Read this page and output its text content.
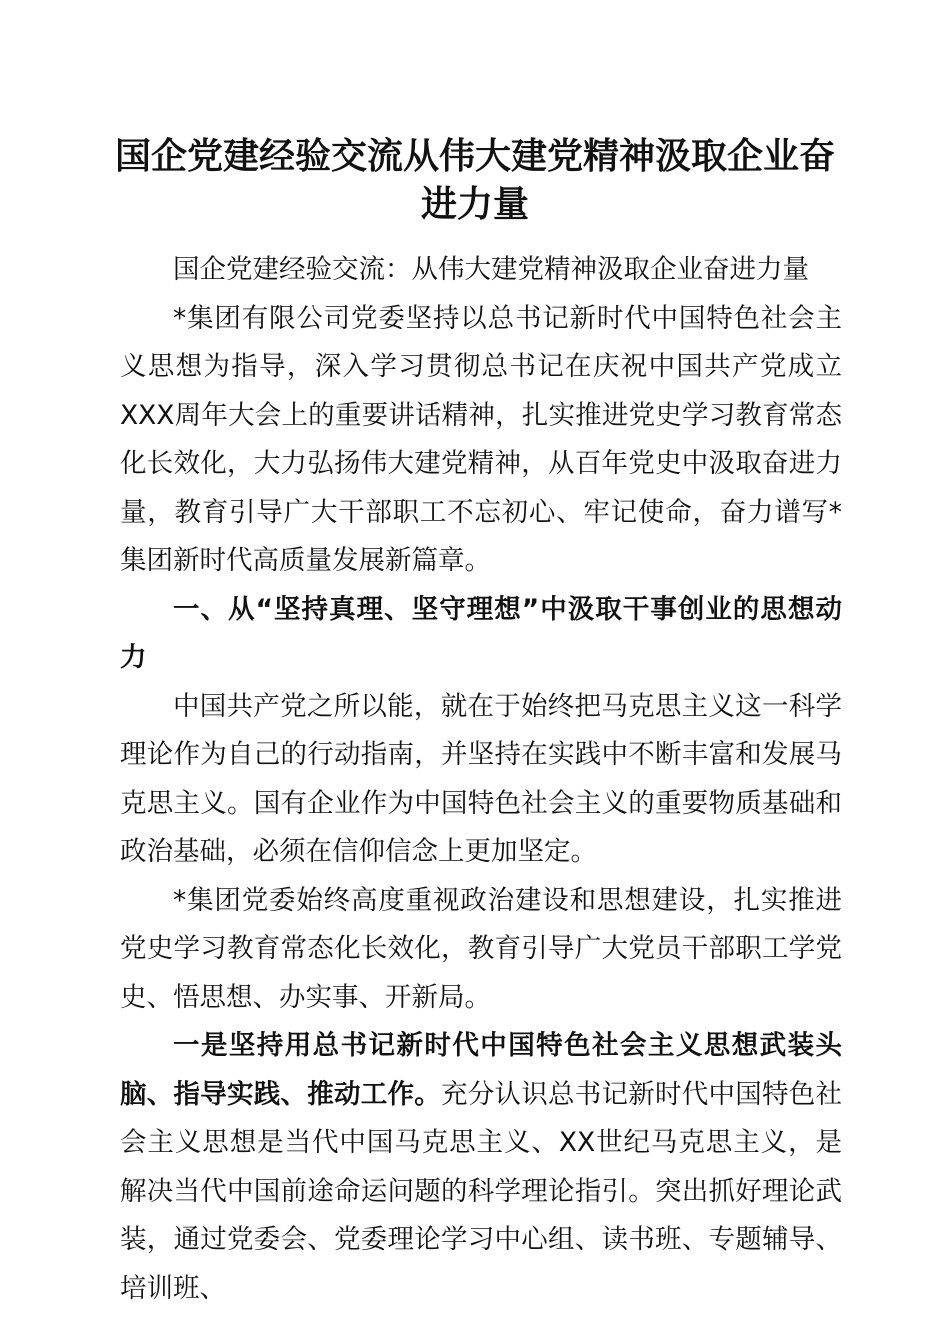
国企党建经验交流从伟大建党精神汲取企业奋进力量

国企党建经验交流：从伟大建党精神汲取企业奋进力量

*集团有限公司党委坚持以总书记新时代中国特色社会主义思想为指导，深入学习贯彻总书记在庆祝中国共产党成立XXX周年大会上的重要讲话精神，扎实推进党史学习教育常态化长效化，大力弘扬伟大建党精神，从百年党史中汲取奋进力量，教育引导广大干部职工不忘初心、牢记使命，奋力谱写*集团新时代高质量发展新篇章。

一、从“坚持真理、坚守理想”中汲取干事创业的思想动力

中国共产党之所以能，就在于始终把马克思主义这一科学理论作为自己的行动指南，并坚持在实践中不断丰富和发展马克思主义。国有企业作为中国特色社会主义的重要物质基础和政治基础，必须在信仰信念上更加坚定。

*集团党委始终高度重视政治建设和思想建设，扎实推进党史学习教育常态化长效化，教育引导广大党员干部职工学党史、悟思想、办实事、开新局。

一是坚持用总书记新时代中国特色社会主义思想武装头脑、指导实践、推动工作。充分认识总书记新时代中国特色社会主义思想是当代中国马克思主义、XX世纪马克思主义，是解决当代中国前途命运问题的科学理论指引。突出抓好理论武装，通过党委会、党委理论学习中心组、读书班、专题辅导、培训班、
